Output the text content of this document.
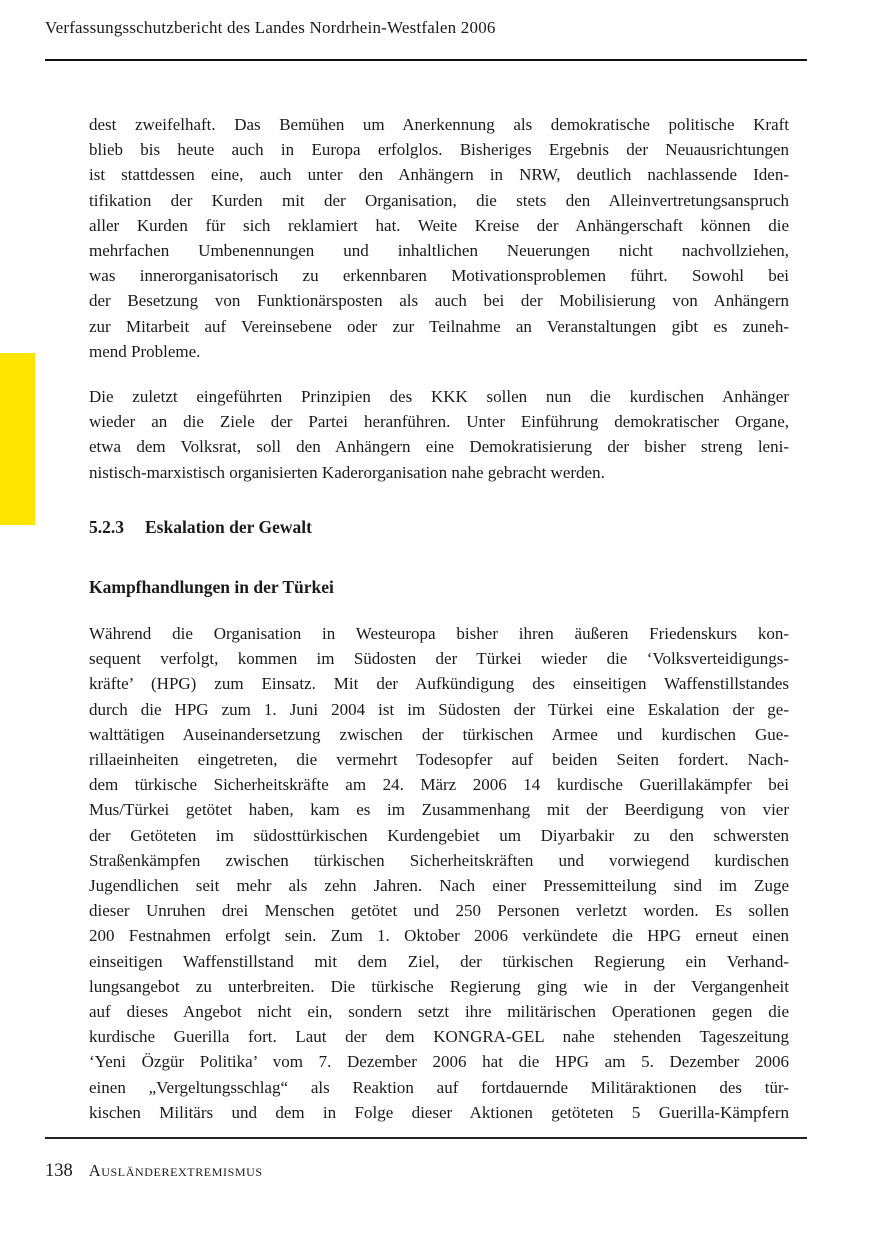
Verfassungsschutzbericht des Landes Nordrhein-Westfalen 2006
dest zweifelhaft. Das Bemühen um Anerkennung als demokratische politische Kraft
blieb bis heute auch in Europa erfolglos. Bisheriges Ergebnis der Neuausrichtungen
ist stattdessen eine, auch unter den Anhängern in NRW, deutlich nachlassende Iden-
tifikation der Kurden mit der Organisation, die stets den Alleinvertretungsanspruch
aller Kurden für sich reklamiert hat. Weite Kreise der Anhängerschaft können die
mehrfachen Umbenennungen und inhaltlichen Neuerungen nicht nachvollziehen,
was innerorganisatorisch zu erkennbaren Motivationsproblemen führt. Sowohl bei
der Besetzung von Funktionärsposten als auch bei der Mobilisierung von Anhängern
zur Mitarbeit auf Vereinsebene oder zur Teilnahme an Veranstaltungen gibt es zuneh-
mend Probleme.
Die zuletzt eingeführten Prinzipien des KKK sollen nun die kurdischen Anhänger
wieder an die Ziele der Partei heranführen. Unter Einführung demokratischer Organe,
etwa dem Volksrat, soll den Anhängern eine Demokratisierung der bisher streng leni-
nistisch-marxistisch organisierten Kaderorganisation nahe gebracht werden.
5.2.3 Eskalation der Gewalt
Kampfhandlungen in der Türkei
Während die Organisation in Westeuropa bisher ihren äußeren Friedenskurs kon-
sequent verfolgt, kommen im Südosten der Türkei wieder die ‘Volksverteidigungs-
kräfte’ (HPG) zum Einsatz. Mit der Aufkündigung des einseitigen Waffenstillstandes
durch die HPG zum 1. Juni 2004 ist im Südosten der Türkei eine Eskalation der ge-
walttätigen Auseinandersetzung zwischen der türkischen Armee und kurdischen Gue-
rillaeinheiten eingetreten, die vermehrt Todesopfer auf beiden Seiten fordert. Nach-
dem türkische Sicherheitskräfte am 24. März 2006 14 kurdische Guerillakämpfer bei
Mus/Türkei getötet haben, kam es im Zusammenhang mit der Beerdigung von vier
der Getöteten im südosttürkischen Kurdengebiet um Diyarbakir zu den schwersten
Straßenkämpfen zwischen türkischen Sicherheitskräften und vorwiegend kurdischen
Jugendlichen seit mehr als zehn Jahren. Nach einer Pressemitteilung sind im Zuge
dieser Unruhen drei Menschen getötet und 250 Personen verletzt worden. Es sollen
200 Festnahmen erfolgt sein. Zum 1. Oktober 2006 verkündete die HPG erneut einen
einseitigen Waffenstillstand mit dem Ziel, der türkischen Regierung ein Verhand-
lungsangebot zu unterbreiten. Die türkische Regierung ging wie in der Vergangenheit
auf dieses Angebot nicht ein, sondern setzt ihre militärischen Operationen gegen die
kurdische Guerilla fort. Laut der dem KONGRA-GEL nahe stehenden Tageszeitung
‘Yeni Özgür Politika’ vom 7. Dezember 2006 hat die HPG am 5. Dezember 2006
einen „Vergeltungsschlag“ als Reaktion auf fortdauernde Militäraktionen des tür-
kischen Militärs und dem in Folge dieser Aktionen getöteten 5 Guerilla-Kämpfern
138 Ausländerextremismus
